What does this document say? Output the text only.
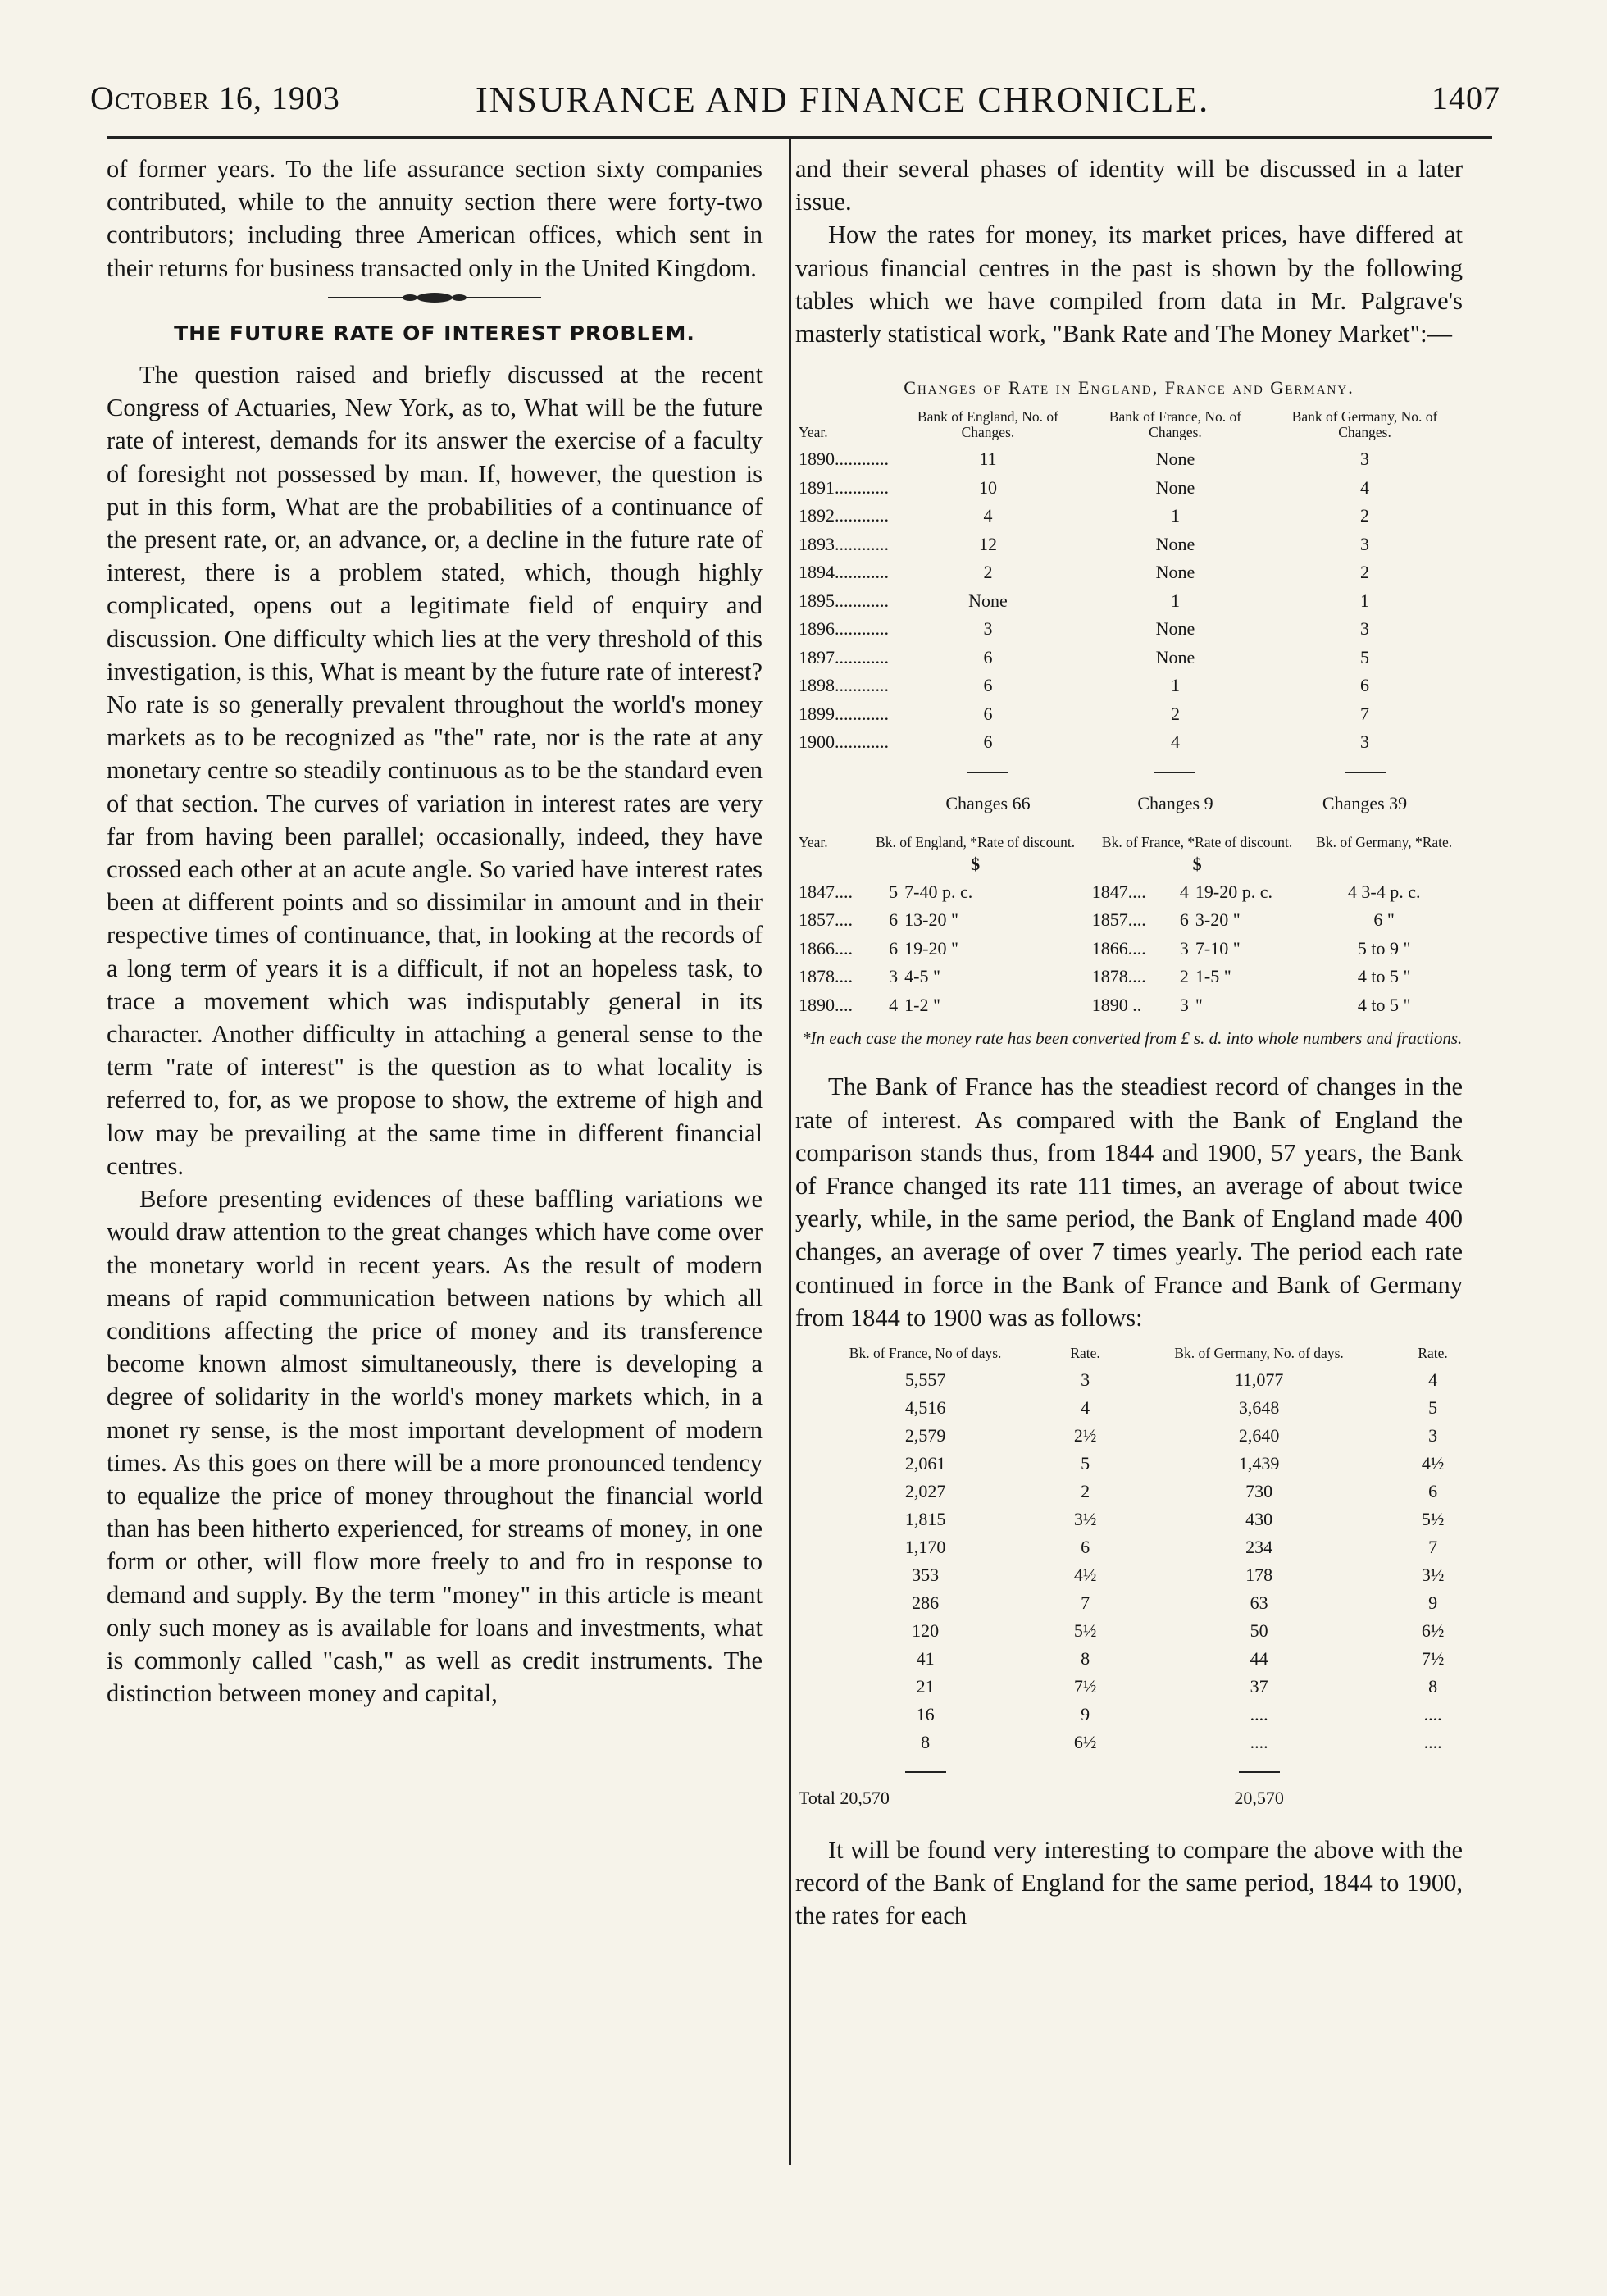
October 16, 1903	INSURANCE AND FINANCE CHRONICLE.	1407

of former years. To the life assurance section sixty companies contributed, while to the annuity section there were forty-two contributors; including three American offices, which sent in their returns for business transacted only in the United Kingdom.

THE FUTURE RATE OF INTEREST PROBLEM.

The question raised and briefly discussed at the recent Congress of Actuaries, New York, as to, What will be the future rate of interest, demands for its answer the exercise of a faculty of foresight not possessed by man. If, however, the question is put in this form, What are the probabilities of a continuance of the present rate, or, an advance, or, a decline in the future rate of interest, there is a problem stated, which, though highly complicated, opens out a legitimate field of enquiry and discussion. One difficulty which lies at the very threshold of this investigation, is this, What is meant by the future rate of interest? No rate is so generally prevalent throughout the world's money markets as to be recognized as "the" rate, nor is the rate at any monetary centre so steadily continuous as to be the standard even of that section. The curves of variation in interest rates are very far from having been parallel; occasionally, indeed, they have crossed each other at an acute angle. So varied have interest rates been at different points and so dissimilar in amount and in their respective times of continuance, that, in looking at the records of a long term of years it is a difficult, if not an hopeless task, to trace a movement which was indisputably general in its character. Another difficulty in attaching a general sense to the term "rate of interest" is the question as to what locality is referred to, for, as we propose to show, the extreme of high and low may be prevailing at the same time in different financial centres.

Before presenting evidences of these baffling variations we would draw attention to the great changes which have come over the monetary world in recent years. As the result of modern means of rapid communication between nations by which all conditions affecting the price of money and its transference become known almost simultaneously, there is developing a degree of solidarity in the world's money markets which, in a monet ry sense, is the most important development of modern times. As this goes on there will be a more pronounced tendency to equalize the price of money throughout the financial world than has been hitherto experienced, for streams of money, in one form or other, will flow more freely to and fro in response to demand and supply. By the term "money" in this article is meant only such money as is available for loans and investments, what is commonly called "cash," as well as credit instruments. The distinction between money and capital,

and their several phases of identity will be discussed in a later issue.

How the rates for money, its market prices, have differed at various financial centres in the past is shown by the following tables which we have compiled from data in Mr. Palgrave's masterly statistical work, "Bank Rate and The Money Market":—

Changes of Rate in England, France and Germany.
Year.	Bank of England, No. of Changes.	Bank of France, No. of Changes.	Bank of Germany, No. of Changes.
1890............	11	None	3
1891............	10	None	4
1892............	4	1	2
1893............	12	None	3
1894............	2	None	2
1895............	None	1	1
1896............	3	None	3
1897............	6	None	5
1898............	6	1	6
1899............	6	2	7
1900............	6	4	3

	Changes 66	Changes 9	Changes 39
Year.	Bk. of England, *Rate of discount.		Bk. of France, *Rate of discount.			Bk. of Germany, *Rate.
	$		$			
1847....	5	7-40 p. c.	1847....	4	19-20 p. c.	4 3-4 p. c.
1857....	6	13-20 "	1857....	6	3-20 "	6 "
1866....	6	19-20 "	1866....	3	7-10 "	5 to 9 "
1878....	3	4-5 "	1878....	2	1-5 "	4 to 5 "
1890....	4	1-2 "	1890 ..	3	"	4 to 5 "
*In each case the money rate has been converted from £ s. d. into whole numbers and fractions.

The Bank of France has the steadiest record of changes in the rate of interest. As compared with the Bank of England the comparison stands thus, from 1844 and 1900, 57 years, the Bank of France changed its rate 111 times, an average of about twice yearly, while, in the same period, the Bank of England made 400 changes, an average of over 7 times yearly. The period each rate continued in force in the Bank of France and Bank of Germany from 1844 to 1900 was as follows:

Bk. of France, No of days.	Rate.	Bk. of Germany, No. of days.	Rate.
5,557	3	11,077	4
4,516	4	3,648	5
2,579	2½	2,640	3
2,061	5	1,439	4½
2,027	2	730	6
1,815	3½	430	5½
1,170	6	234	7
353	4½	178	3½
286	7	63	9
120	5½	50	6½
41	8	44	7½
21	7½	37	8
16	9	....	....
8	6½	....	....

Total 20,570		20,570	

It will be found very interesting to compare the above with the record of the Bank of England for the same period, 1844 to 1900, the rates for each
